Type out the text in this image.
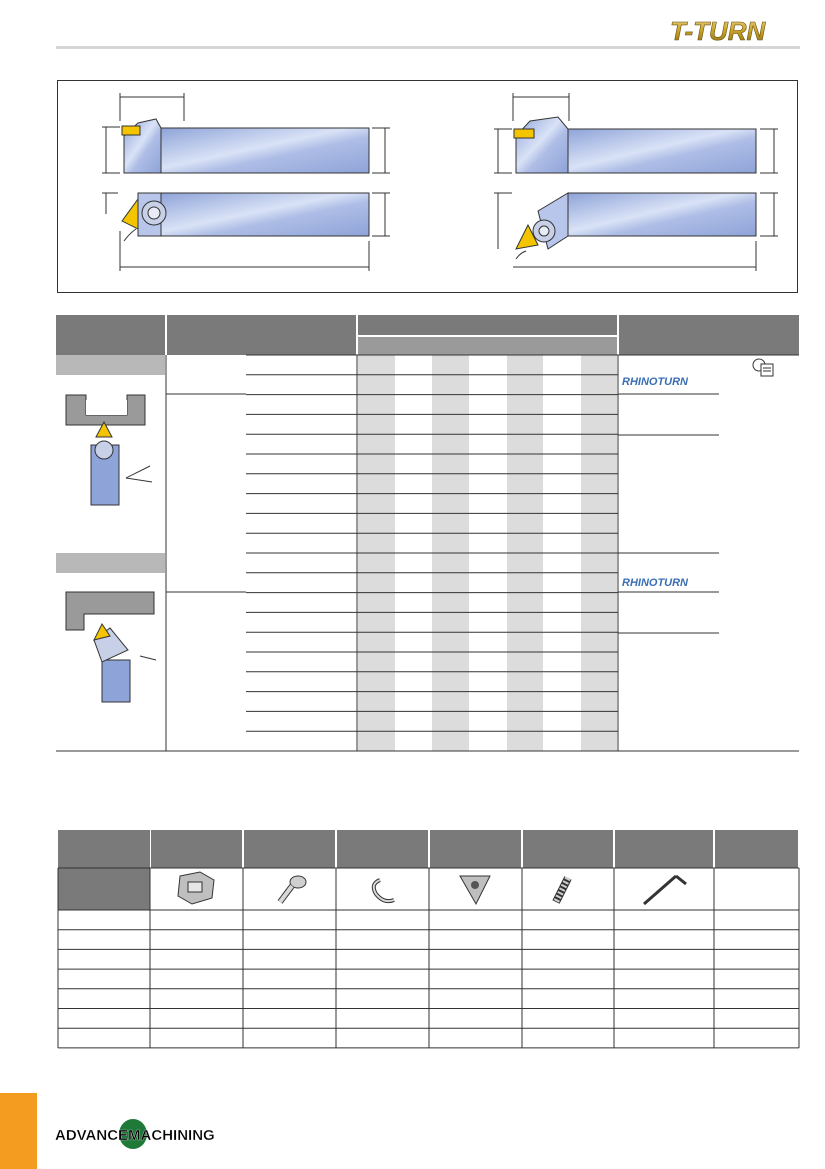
T-TURN
RHINOTURN
RHINOTURN
ADVANCEMACHINING
